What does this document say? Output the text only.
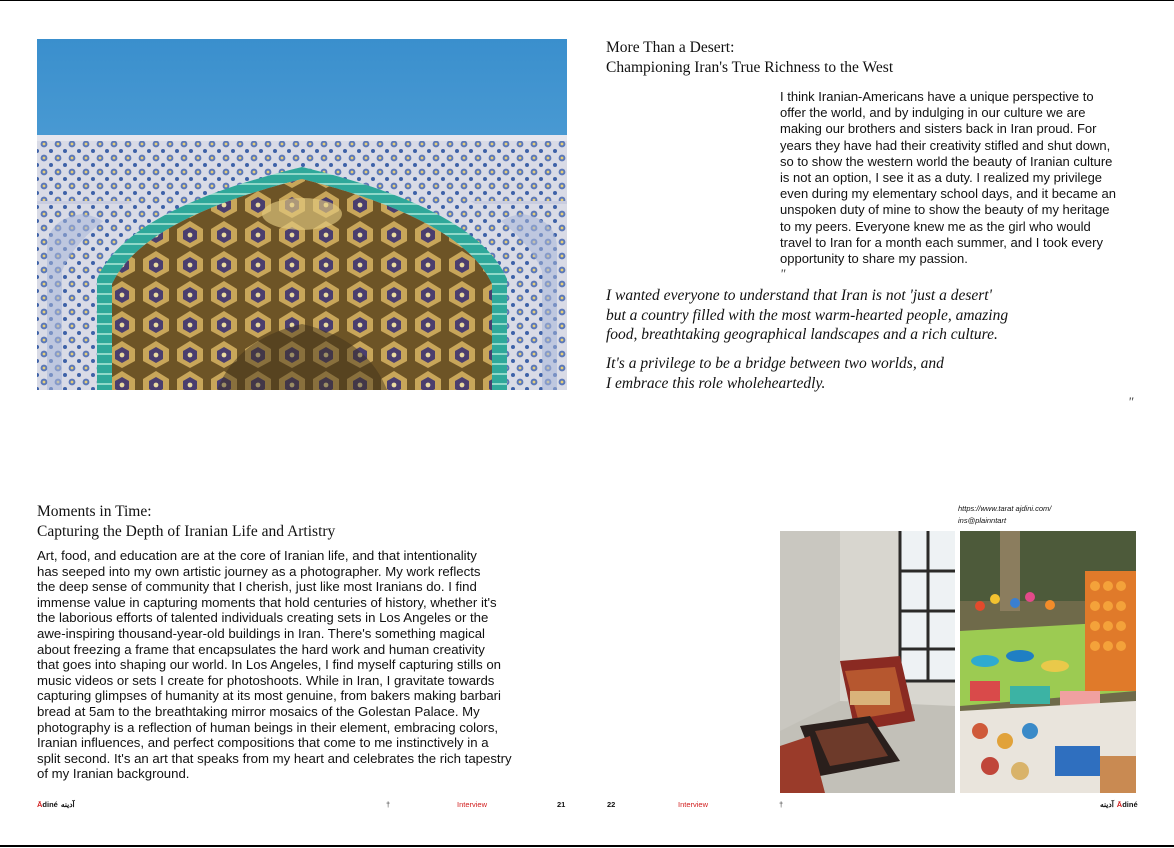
More Than a Desert:
Championing Iran's True Richness to the West
I think Iranian-Americans have a unique perspective to
offer the world, and by indulging in our culture we are
making our brothers and sisters back in Iran proud. For
years they have had their creativity stifled and shut down,
so to show the western world the beauty of Iranian culture
is not an option, I see it as a duty. I realized my privilege
even during my elementary school days, and it became an
unspoken duty of mine to show the beauty of my heritage
to my peers. Everyone knew me as the girl who would
travel to Iran for a month each summer, and I took every
opportunity to share my passion.
"
I wanted everyone to understand that Iran is not 'just a desert'
but a country filled with the most warm-hearted people, amazing
food, breathtaking geographical landscapes and a rich culture.
It's a privilege to be a bridge between two worlds, and
I embrace this role wholeheartedly.
"
Moments in Time:
Capturing the Depth of Iranian Life and Artistry
Art, food, and education are at the core of Iranian life, and that intentionality
has seeped into my own artistic journey as a photographer. My work reflects
the deep sense of community that I cherish, just like most Iranians do. I find
immense value in capturing moments that hold centuries of history, whether it's
the laborious efforts of talented individuals creating sets in Los Angeles or the
awe-inspiring thousand-year-old buildings in Iran. There's something magical
about freezing a frame that encapsulates the hard work and human creativity
that goes into shaping our world. In Los Angeles, I find myself capturing stills on
music videos or sets I create for photoshoots. While in Iran, I gravitate towards
capturing glimpses of humanity at its most genuine, from bakers making barbari
bread at 5am to the breathtaking mirror mosaics of the Golestan Palace. My
photography is a reflection of human beings in their element, embracing colors,
Iranian influences, and perfect compositions that come to me instinctively in a
split second. It's an art that speaks from my heart and celebrates the rich tapestry
of my Iranian background.
https://www.tarat ajdini.com/
ins@plainntart
Ādiné آدینه	†	Interview	21	22	Interview	†	آدینه Ādiné
